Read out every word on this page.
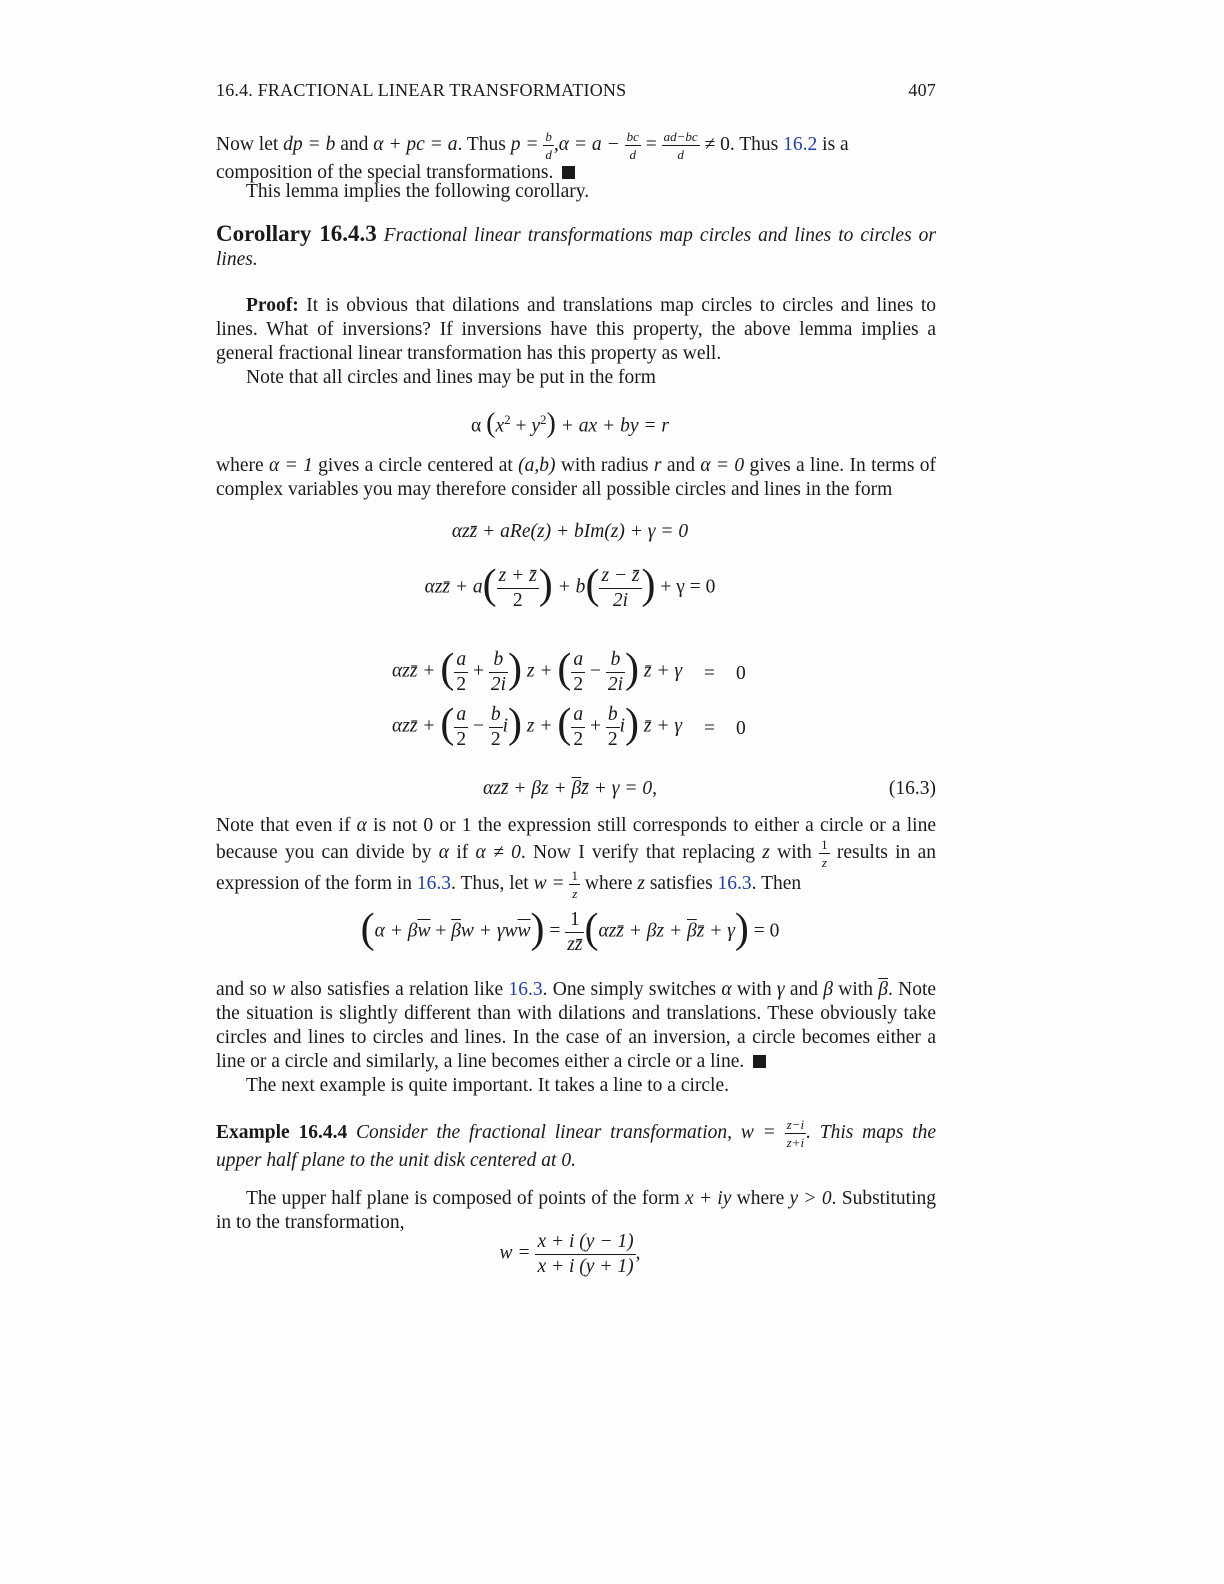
16.4. FRACTIONAL LINEAR TRANSFORMATIONS	407
Now let dp = b and α + pc = a. Thus $p = \frac{b}{d} ,\alpha = a - \frac{bc}{d} = \frac{ad-bc}{d} \ne 0$. Thus 16.2 is a
composition of the special transformations.
This lemma implies the following corollary.
Corollary 16.4.3 Fractional linear transformations map circles and lines to circles or lines.
Proof: It is obvious that dilations and translations map circles to circles and lines to lines. What of inversions? If inversions have this property, the above lemma implies a general fractional linear transformation has this property as well.
Note that all circles and lines may be put in the form
α $(x^2 + y^2)$ + ax + by = r
where α = 1 gives a circle centered at (a,b) with radius r and α = 0 gives a line. In terms of complex variables you may therefore consider all possible circles and lines in the form
αzz̄ + aRe(z) + bIm(z) + γ = 0
αzz̄ + $a( \frac{z + z̄}{2}$ ) + $b( \frac{z - z̄}{2i}$ ) + γ = 0
αzz̄ + ( $\frac{a}{2} + \frac{b}{2i}$ ) z + ( $\frac{a}{2} - \frac{b}{2i}$ ) z̄ + γ = 0
αzz̄ + ( $\frac{a}{2} - \frac{b}{2} i$) z + ( $\frac{a}{2} + \frac{b}{2} i$) z̄ + γ = 0
αzz̄ + $\beta z + \overline{\beta}z̄ + \gamma = 0$,	(16.3)
Note that even if α is not 0 or 1 the expression still corresponds to either a circle or a line because you can divide by α if α ≠ 0. Now I verify that replacing z with $\frac{1}{z}$ results in an expression of the form in 16.3. Thus, let $w = \frac{1}{z}$ where z satisfies 16.3. Then
$(\alpha + \beta\overline{w} + \overline{\beta}w + \gamma w\overline{w}) = \frac{1}{zz̄}$ (αzz̄ + $\beta z + \overline{\beta}z̄ + \gamma) = 0$
and so w also satisfies a relation like 16.3. One simply switches α with γ and β with $\overline{\beta}$. Note the situation is slightly different than with dilations and translations. These obviously take circles and lines to circles and lines. In the case of an inversion, a circle becomes either a line or a circle and similarly, a line becomes either a circle or a line.
The next example is quite important. It takes a line to a circle.
Example 16.4.4 Consider the fractional linear transformation, $w = \frac{z-i}{z+i}$ . This maps the upper half plane to the unit disk centered at 0.
The upper half plane is composed of points of the form x + iy where y > 0. Substituting in to the transformation,
$w = \frac{x + i (y - 1)}{x + i (y + 1)}$ ,
